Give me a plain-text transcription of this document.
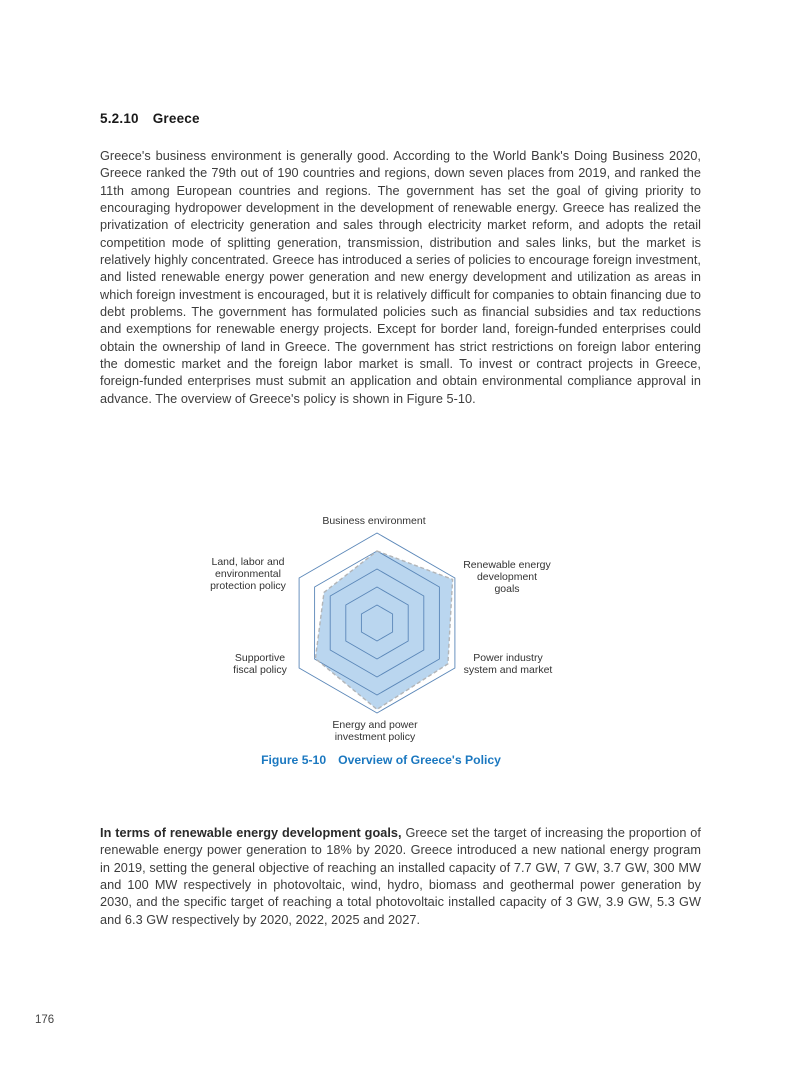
5.2.10 Greece
Greece's business environment is generally good. According to the World Bank's Doing Business 2020, Greece ranked the 79th out of 190 countries and regions, down seven places from 2019, and ranked the 11th among European countries and regions. The government has set the goal of giving priority to encouraging hydropower development in the development of renewable energy. Greece has realized the privatization of electricity generation and sales through electricity market reform, and adopts the retail competition mode of splitting generation, transmission, distribution and sales links, but the market is relatively highly concentrated. Greece has introduced a series of policies to encourage foreign investment, and listed renewable energy power generation and new energy development and utilization as areas in which foreign investment is encouraged, but it is relatively difficult for companies to obtain financing due to debt problems. The government has formulated policies such as financial subsidies and tax reductions and exemptions for renewable energy projects. Except for border land, foreign-funded enterprises could obtain the ownership of land in Greece. The government has strict restrictions on foreign labor entering the domestic market and the foreign labor market is small. To invest or contract projects in Greece, foreign-funded enterprises must submit an application and obtain environmental compliance approval in advance. The overview of Greece's policy is shown in Figure 5-10.
Business environment
Renewable energy development goals
Power industry system and market
Energy and power investment policy
Supportive fiscal policy
Land, labor and environmental protection policy
Figure 5-10 Overview of Greece's Policy
In terms of renewable energy development goals, Greece set the target of increasing the proportion of renewable energy power generation to 18% by 2020. Greece introduced a new national energy program in 2019, setting the general objective of reaching an installed capacity of 7.7 GW, 7 GW, 3.7 GW, 300 MW and 100 MW respectively in photovoltaic, wind, hydro, biomass and geothermal power generation by 2030, and the specific target of reaching a total photovoltaic installed capacity of 3 GW, 3.9 GW, 5.3 GW and 6.3 GW respectively by 2020, 2022, 2025 and 2027.
176
